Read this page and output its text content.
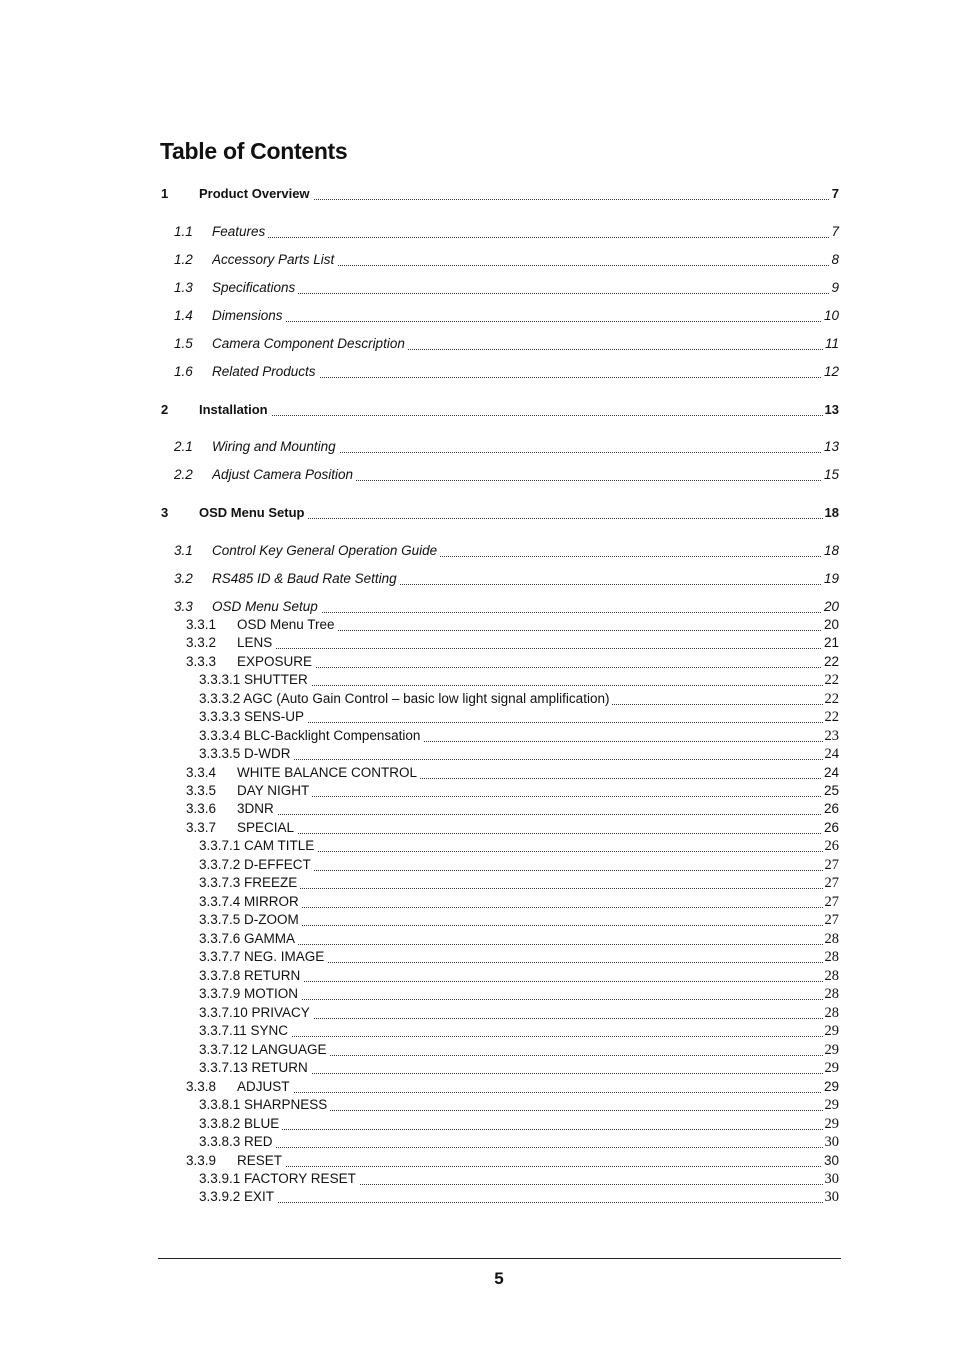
Table of Contents
1 Product Overview	7
1.1 Features	7
1.2 Accessory Parts List	8
1.3 Specifications	9
1.4 Dimensions	10
1.5 Camera Component Description	11
1.6 Related Products	12
2 Installation	13
2.1 Wiring and Mounting	13
2.2 Adjust Camera Position	15
3 OSD Menu Setup	18
3.1 Control Key General Operation Guide	18
3.2 RS485 ID & Baud Rate Setting	19
3.3 OSD Menu Setup	20
3.3.1 OSD Menu Tree	20
3.3.2 LENS	21
3.3.3 EXPOSURE	22
3.3.3.1 SHUTTER	22
3.3.3.2 AGC (Auto Gain Control – basic low light signal amplification)	22
3.3.3.3 SENS-UP	22
3.3.3.4 BLC-Backlight Compensation	23
3.3.3.5 D-WDR	24
3.3.4 WHITE BALANCE CONTROL	24
3.3.5 DAY NIGHT	25
3.3.6 3DNR	26
3.3.7 SPECIAL	26
3.3.7.1 CAM TITLE	26
3.3.7.2 D-EFFECT	27
3.3.7.3 FREEZE	27
3.3.7.4 MIRROR	27
3.3.7.5 D-ZOOM	27
3.3.7.6 GAMMA	28
3.3.7.7 NEG. IMAGE	28
3.3.7.8 RETURN	28
3.3.7.9 MOTION	28
3.3.7.10 PRIVACY	28
3.3.7.11 SYNC	29
3.3.7.12 LANGUAGE	29
3.3.7.13 RETURN	29
3.3.8 ADJUST	29
3.3.8.1 SHARPNESS	29
3.3.8.2 BLUE	29
3.3.8.3 RED	30
3.3.9 RESET	30
3.3.9.1 FACTORY RESET	30
3.3.9.2 EXIT	30
5
